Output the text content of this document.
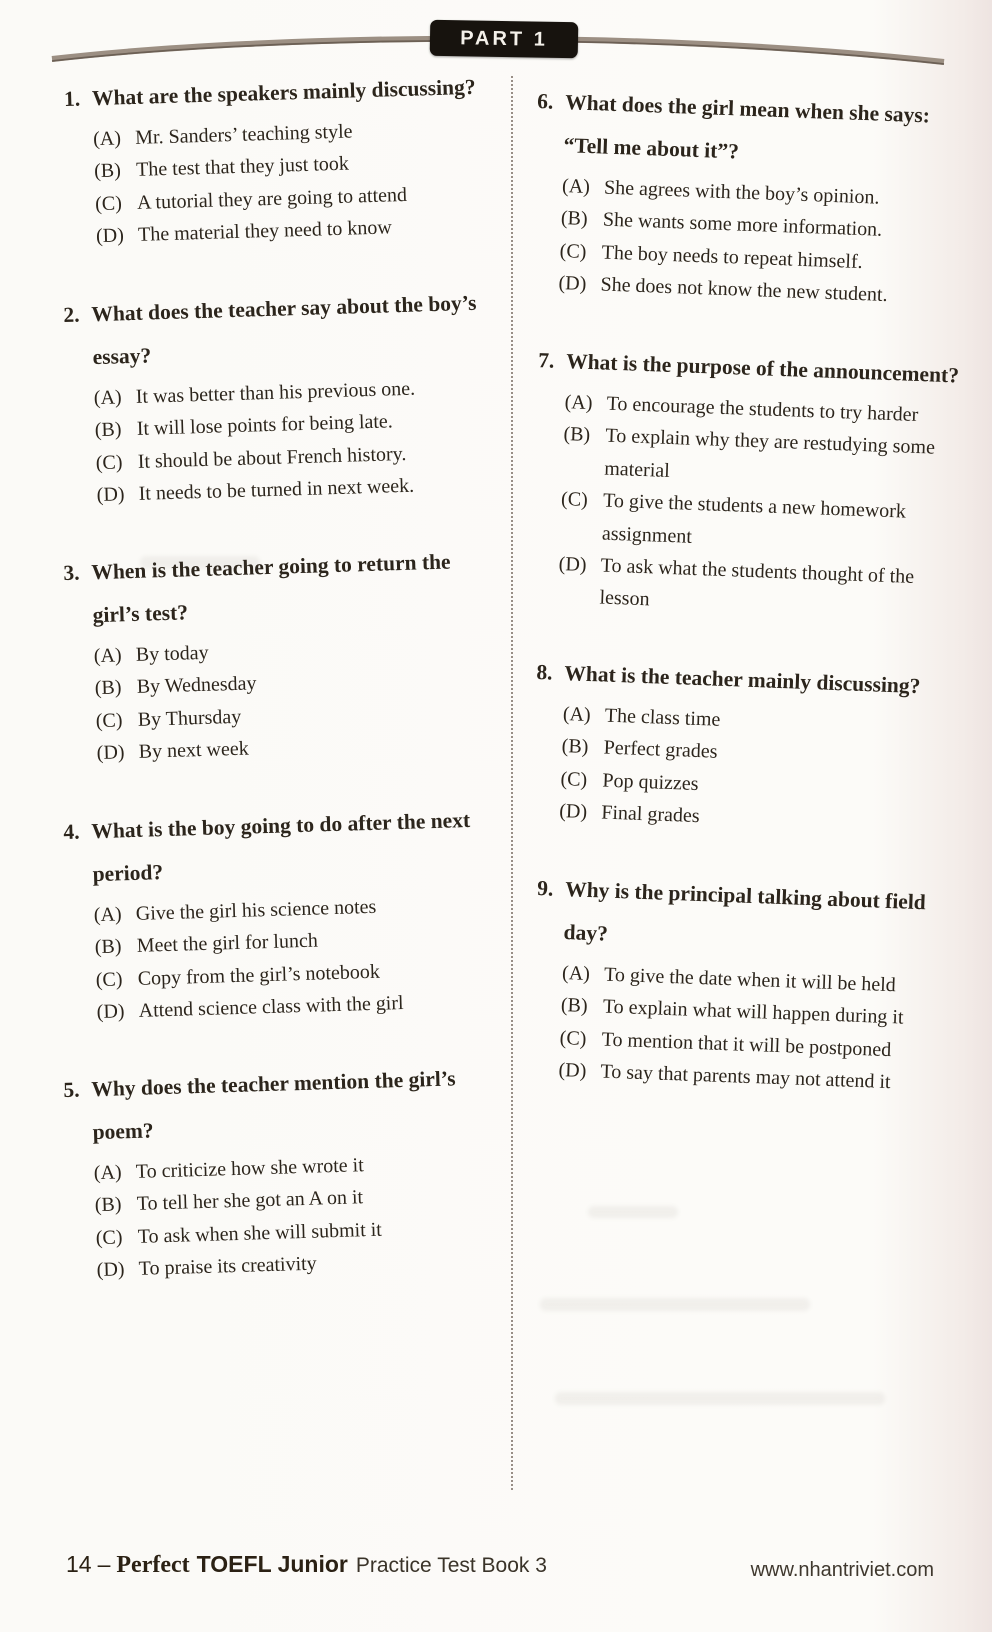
PART 1
1. What are the speakers mainly discussing?
(A) Mr. Sanders’ teaching style
(B) The test that they just took
(C) A tutorial they are going to attend
(D) The material they need to know
2. What does the teacher say about the boy’s essay?
(A) It was better than his previous one.
(B) It will lose points for being late.
(C) It should be about French history.
(D) It needs to be turned in next week.
3. When is the teacher going to return the girl’s test?
(A) By today
(B) By Wednesday
(C) By Thursday
(D) By next week
4. What is the boy going to do after the next period?
(A) Give the girl his science notes
(B) Meet the girl for lunch
(C) Copy from the girl’s notebook
(D) Attend science class with the girl
5. Why does the teacher mention the girl’s poem?
(A) To criticize how she wrote it
(B) To tell her she got an A on it
(C) To ask when she will submit it
(D) To praise its creativity
6. What does the girl mean when she says: “Tell me about it”?
(A) She agrees with the boy’s opinion.
(B) She wants some more information.
(C) The boy needs to repeat himself.
(D) She does not know the new student.
7. What is the purpose of the announcement?
(A) To encourage the students to try harder
(B) To explain why they are restudying some material
(C) To give the students a new homework assignment
(D) To ask what the students thought of the lesson
8. What is the teacher mainly discussing?
(A) The class time
(B) Perfect grades
(C) Pop quizzes
(D) Final grades
9. Why is the principal talking about field day?
(A) To give the date when it will be held
(B) To explain what will happen during it
(C) To mention that it will be postponed
(D) To say that parents may not attend it
14 – Perfect TOEFL Junior Practice Test Book 3	www.nhantriviet.com
